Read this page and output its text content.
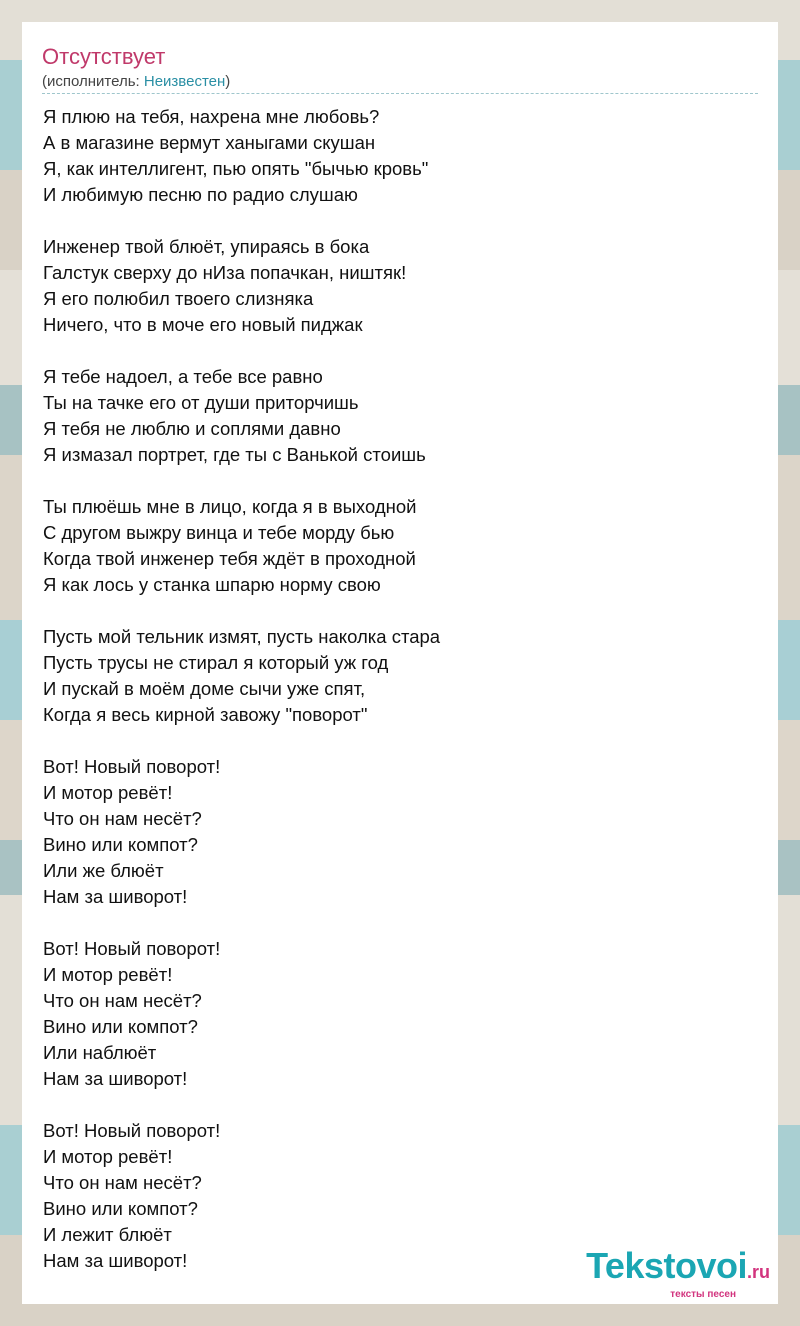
Отсутствует
(исполнитель: Неизвестен)
Я плюю на тебя, нахрена мне любовь?
А в магазине вермут ханыгами скушан
Я, как интеллигент, пью опять "бычью кровь"
И любимую песню по радио слушаю
Инженер твой блюёт, упираясь в бока
Галстук сверху до нИза попачкан, ништяк!
Я его полюбил твоего слизняка
Ничего, что в моче его новый пиджак
Я тебе надоел, а тебе все равно
Ты на тачке его от души приторчишь
Я тебя не люблю и соплями давно
Я измазал портрет, где ты с Ванькой стоишь
Ты плюёшь мне в лицо, когда я в выходной
С другом выжру винца и тебе морду бью
Когда твой инженер тебя ждёт в проходной
Я как лось у станка шпарю норму свою
Пусть мой тельник измят, пусть наколка стара
Пусть трусы не стирал я который уж год
И пускай в моём доме сычи уже спят,
Когда я весь кирной завожу "поворот"
Вот! Новый поворот!
И мотор ревёт!
Что он нам несёт?
Вино или компот?
Или же блюёт
Нам за шиворот!
Вот! Новый поворот!
И мотор ревёт!
Что он нам несёт?
Вино или компот?
Или наблюёт
Нам за шиворот!
Вот! Новый поворот!
И мотор ревёт!
Что он нам несёт?
Вино или компот?
И лежит блюёт
Нам за шиворот!	Tekstovoi.ru
тексты песен
